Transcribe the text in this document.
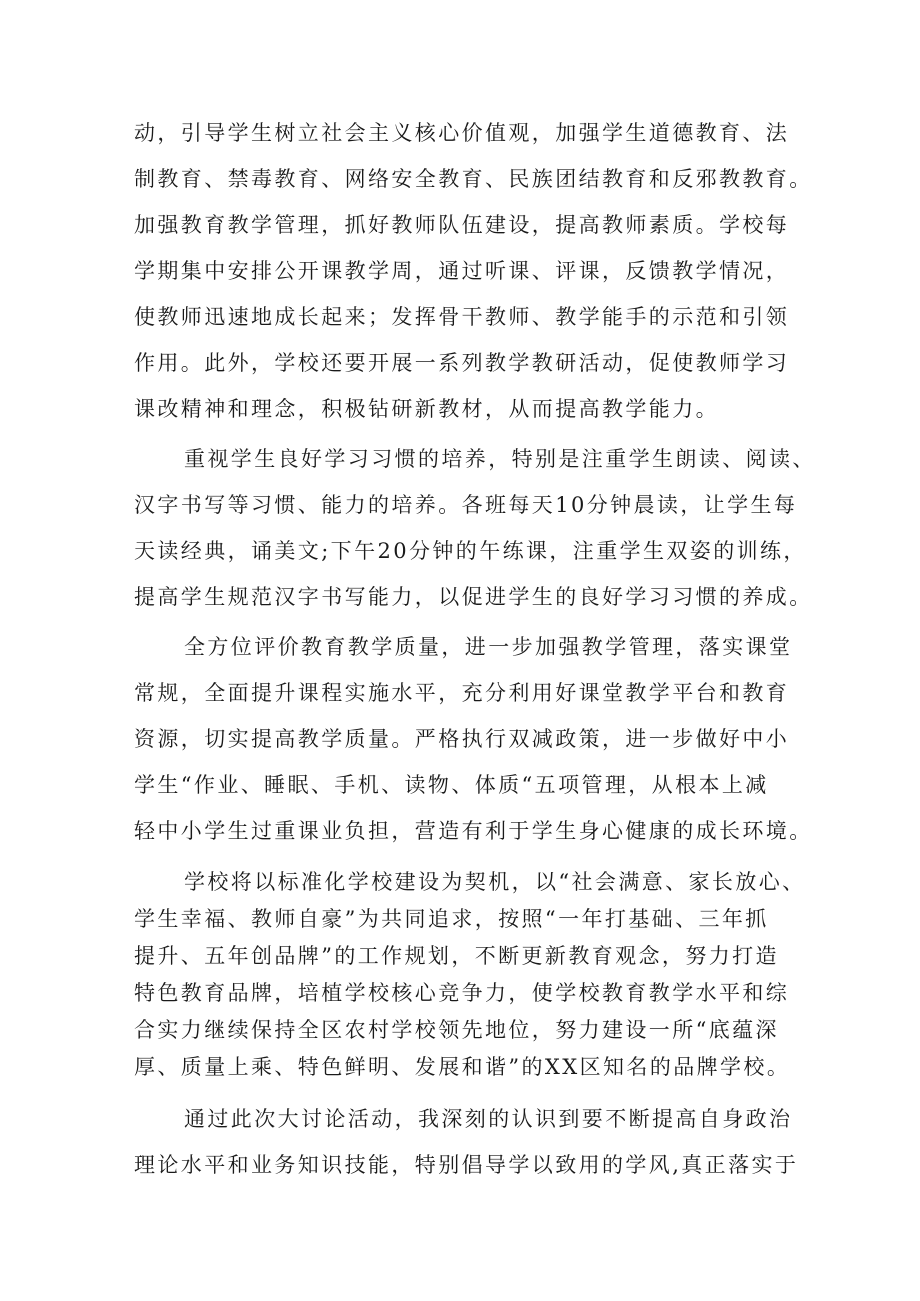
动，引导学生树立社会主义核心价值观，加强学生道德教育、法
制教育、禁毒教育、网络安全教育、民族团结教育和反邪教教育。
加强教育教学管理，抓好教师队伍建设，提高教师素质。学校每
学期集中安排公开课教学周，通过听课、评课，反馈教学情况，
使教师迅速地成长起来；发挥骨干教师、教学能手的示范和引领
作用。此外，学校还要开展一系列教学教研活动，促使教师学习
课改精神和理念，积极钻研新教材，从而提高教学能力。
重视学生良好学习习惯的培养，特别是注重学生朗读、阅读、
汉字书写等习惯、能力的培养。各班每天10分钟晨读，让学生每
天读经典，诵美文;下午20分钟的午练课，注重学生双姿的训练，
提高学生规范汉字书写能力，以促进学生的良好学习习惯的养成。
全方位评价教育教学质量，进一步加强教学管理，落实课堂
常规，全面提升课程实施水平，充分利用好课堂教学平台和教育
资源，切实提高教学质量。严格执行双减政策，进一步做好中小
学生“作业、睡眠、手机、读物、体质“五项管理，从根本上减
轻中小学生过重课业负担，营造有利于学生身心健康的成长环境。
学校将以标准化学校建设为契机，以“社会满意、家长放心、
学生幸福、教师自豪”为共同追求，按照“一年打基础、三年抓
提升、五年创品牌”的工作规划，不断更新教育观念，努力打造
特色教育品牌，培植学校核心竞争力，使学校教育教学水平和综
合实力继续保持全区农村学校领先地位，努力建设一所“底蕴深
厚、质量上乘、特色鲜明、发展和谐”的XX区知名的品牌学校。
通过此次大讨论活动，我深刻的认识到要不断提高自身政治
理论水平和业务知识技能，特别倡导学以致用的学风,真正落实于
